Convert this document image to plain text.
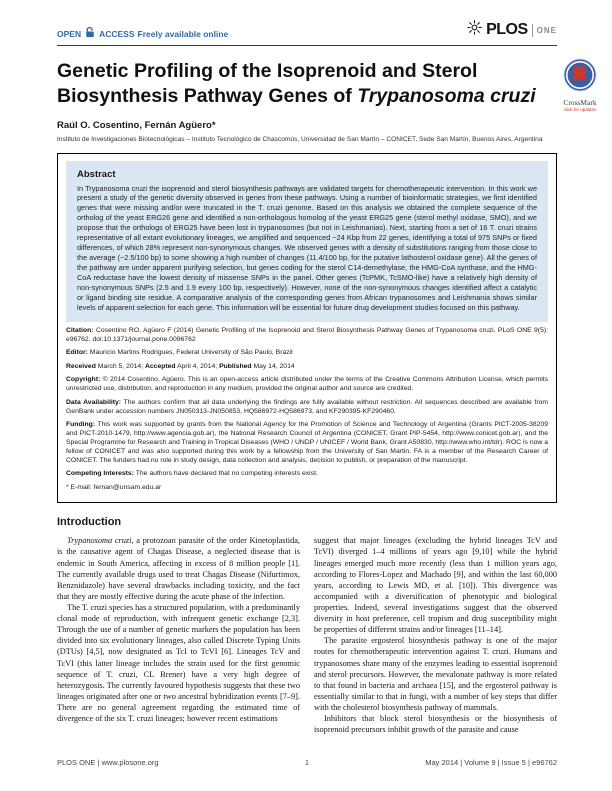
OPEN ACCESS Freely available online	PLOS ONE
Genetic Profiling of the Isoprenoid and Sterol
Biosynthesis Pathway Genes of Trypanosoma cruzi
Raúl O. Cosentino, Fernán Agüero*
Instituto de Investigaciones Biotecnológicas – Instituto Tecnológico de Chascomús, Universidad de San Martín – CONICET, Sede San Martín, Buenos Aires, Argentina
Abstract
In Trypanosoma cruzi the isoprenoid and sterol biosynthesis pathways are validated targets for chemotherapeutic intervention. In this work we present a study of the genetic diversity observed in genes from these pathways. Using a number of bioinformatic strategies, we first identified genes that were missing and/or were truncated in the T. cruzi genome. Based on this analysis we obtained the complete sequence of the ortholog of the yeast ERG26 gene and identified a non-orthologous homolog of the yeast ERG25 gene (sterol methyl oxidase, SMO), and we propose that the orthologs of ERG25 have been lost in trypanosomes (but not in Leishmanias). Next, starting from a set of 16 T. cruzi strains representative of all extant evolutionary lineages, we amplified and sequenced ~24 Kbp from 22 genes, identifying a total of 975 SNPs or fixed differences, of which 28% represent non-synonymous changes. We observed genes with a density of substitutions ranging from those close to the average (~2.5/100 bp) to some showing a high number of changes (11.4/100 bp, for the putative lathosterol oxidase gene). All the genes of the pathway are under apparent purifying selection, but genes coding for the sterol C14-demethylase, the HMG-CoA synthase, and the HMG-CoA reductase have the lowest density of missense SNPs in the panel. Other genes (TcPMK, TcSMO-like) have a relatively high density of non-synonymous SNPs (2.5 and 1.9 every 100 bp, respectively). However, none of the non-synonymous changes identified affect a catalytic or ligand binding site residue. A comparative analysis of the corresponding genes from African trypanosomes and Leishmania shows similar levels of apparent selection for each gene. This information will be essential for future drug development studies focused on this pathway.

Citation: Cosentino RO, Agüero F (2014) Genetic Profiling of the Isoprenoid and Sterol Biosynthesis Pathway Genes of Trypanosoma cruzi. PLoS ONE 9(5): e96762. doi:10.1371/journal.pone.0096762

Editor: Mauricio Martins Rodrigues, Federal University of São Paulo, Brazil

Received March 5, 2014; Accepted April 4, 2014; Published May 14, 2014

Copyright: © 2014 Cosentino, Agüero. This is an open-access article distributed under the terms of the Creative Commons Attribution License, which permits unrestricted use, distribution, and reproduction in any medium, provided the original author and source are credited.

Data Availability: The authors confirm that all data underlying the findings are fully available without restriction. All sequences described are available from GenBank under accession numbers JN050313-JN050853, HQ586972-HQ586973, and KF290395-KF290460.

Funding: This work was supported by grants from the National Agency for the Promotion of Science and Technology of Argentina (Grants PICT-2005-38209 and PICT-2010-1479, http://www.agencia.gob.ar), the National Research Council of Argentina (CONICET, Grant PIP-5454, http://www.conicet.gob.ar), and the Special Programme for Research and Training in Tropical Diseases (WHO / UNDP / UNICEF / World Bank, Grant A50830, http://www.who.int/tdr). ROC is now a fellow of CONICET and was also supported during this work by a fellowship from the University of San Martin. FA is a member of the Research Career of CONICET. The funders had no role in study design, data collection and analysis, decision to publish, or preparation of the manuscript.

Competing Interests: The authors have declared that no competing interests exist.

* E-mail: fernan@unsam.edu.ar

Introduction

Trypanosoma cruzi, a protozoan parasite of the order Kinetoplastida, is the causative agent of Chagas Disease, a neglected disease that is endemic in South America, affecting in excess of 8 million people [1]. The currently available drugs used to treat Chagas Disease (Nifurtimox, Benznidazole) have several drawbacks including toxicity, and the fact that they are mostly effective during the acute phase of the infection.

The T. cruzi species has a structured population, with a predominantly clonal mode of reproduction, with infrequent genetic exchange [2,3]. Through the use of a number of genetic markers the population has been divided into six evolutionary lineages, also called Discrete Typing Units (DTUs) [4,5], now designated as TcI to TcVI [6]. Lineages TcV and TcVI (this latter lineage includes the strain used for the first genomic sequence of T. cruzi, CL Brener) have a very high degree of heterozygosis. The currently favoured hypothesis suggests that these two lineages originated after one or two ancestral hybridization events [7–9]. There are no general agreement regarding the estimated time of divergence of the six T. cruzi lineages; however recent estimations

suggest that major lineages (excluding the hybrid lineages TcV and TcVI) diverged 1–4 millions of years ago [9,10] while the hybrid lineages emerged much more recently (less than 1 million years ago, according to Flores-Lopez and Machado [9], and within the last 60,000 years, according to Lewis MD, et al. [10]). This divergence was accompanied with a diversification of phenotypic and biological properties. Indeed, several investigations suggest that the observed diversity in host preference, cell tropism and drug susceptibility might be properties of different strains and/or lineages [11–14].

The parasite ergosterol biosynthesis pathway is one of the major routes for chemotherapeutic intervention against T. cruzi. Humans and trypanosomes share many of the enzymes leading to essential isoprenoid and sterol precursors. However, the mevalonate pathway is more related to that found in bacteria and archaea [15], and the ergosterol pathway is essentially similar to that in fungi, with a number of key steps that differ with the cholesterol biosynthesis pathway of mammals.

Inhibitors that block sterol biosynthesis or the biosynthesis of isoprenoid precursors inhibit growth of the parasite and cause

CrossMark
click for updates
1
PLOS ONE | www.plosone.org	May 2014 | Volume 9 | Issue 5 | e96762
